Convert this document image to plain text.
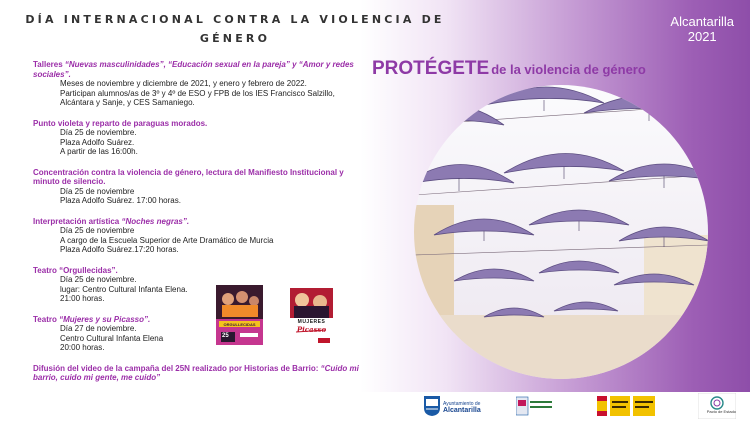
DÍA INTERNACIONAL CONTRA LA VIOLENCIA DE GÉNERO
Alcantarilla
2021
PROTÉGETE de la violencia de género
Talleres “Nuevas masculinidades”, “Educación sexual en la pareja” y “Amor y redes sociales”.
Meses de noviembre y diciembre de 2021, y enero y febrero de 2022.
Participan alumnos/as de 3º y 4º de ESO y FPB de los IES Francisco Salzillo, Alcántara y Sanje, y CES Samaniego.
Punto violeta y reparto de paraguas morados.
Día 25 de noviembre.
Plaza Adolfo Suárez.
A partir de las 16:00h.
Concentración contra la violencia de género, lectura del Manifiesto Institucional y minuto de silencio.
Día 25 de noviembre
Plaza Adolfo Suárez. 17:00 horas.
Interpretación artística “Noches negras”.
Día 25 de noviembre
A cargo de la Escuela Superior de Arte Dramático de Murcia
Plaza Adolfo Suárez.17:20 horas.
Teatro “Orgullecidas”.
Día 25 de noviembre.
lugar: Centro Cultural Infanta Elena.
21:00 horas.
Teatro “Mujeres y su Picasso”.
Día 27 de noviembre.
Centro Cultural Infanta Elena
20:00 horas.
Difusión del video de la campaña del 25N realizado por Historias de Barrio: “Cuido mi barrio, cuido mi gente, me cuido”
ORGULLECIDAS
25
MUJERES
Picasso
Ayuntamiento de
Alcantarilla	Pacto de Estado
